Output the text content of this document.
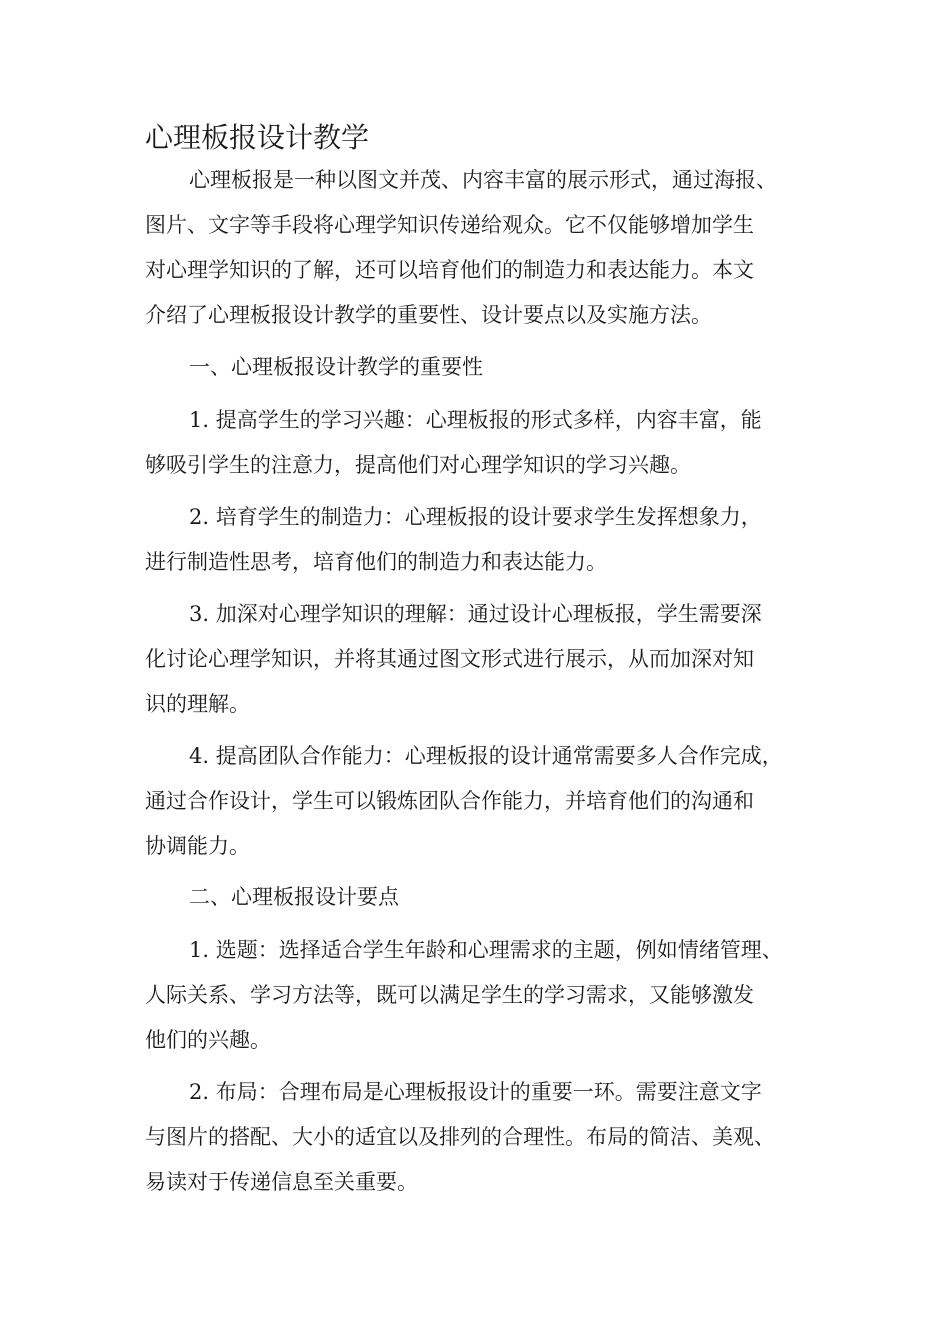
心理板报设计教学

心理板报是一种以图文并茂、内容丰富的展示形式，通过海报、
图片、文字等手段将心理学知识传递给观众。它不仅能够增加学生
对心理学知识的了解，还可以培育他们的制造力和表达能力。本文
介绍了心理板报设计教学的重要性、设计要点以及实施方法。

一、心理板报设计教学的重要性

1. 提高学生的学习兴趣：心理板报的形式多样，内容丰富，能
够吸引学生的注意力，提高他们对心理学知识的学习兴趣。

2. 培育学生的制造力：心理板报的设计要求学生发挥想象力，
进行制造性思考，培育他们的制造力和表达能力。

3. 加深对心理学知识的理解：通过设计心理板报，学生需要深
化讨论心理学知识，并将其通过图文形式进行展示，从而加深对知
识的理解。

4. 提高团队合作能力：心理板报的设计通常需要多人合作完成，
通过合作设计，学生可以锻炼团队合作能力，并培育他们的沟通和
协调能力。

二、心理板报设计要点

1. 选题：选择适合学生年龄和心理需求的主题，例如情绪管理、
人际关系、学习方法等，既可以满足学生的学习需求，又能够激发
他们的兴趣。

2. 布局：合理布局是心理板报设计的重要一环。需要注意文字
与图片的搭配、大小的适宜以及排列的合理性。布局的简洁、美观、
易读对于传递信息至关重要。
